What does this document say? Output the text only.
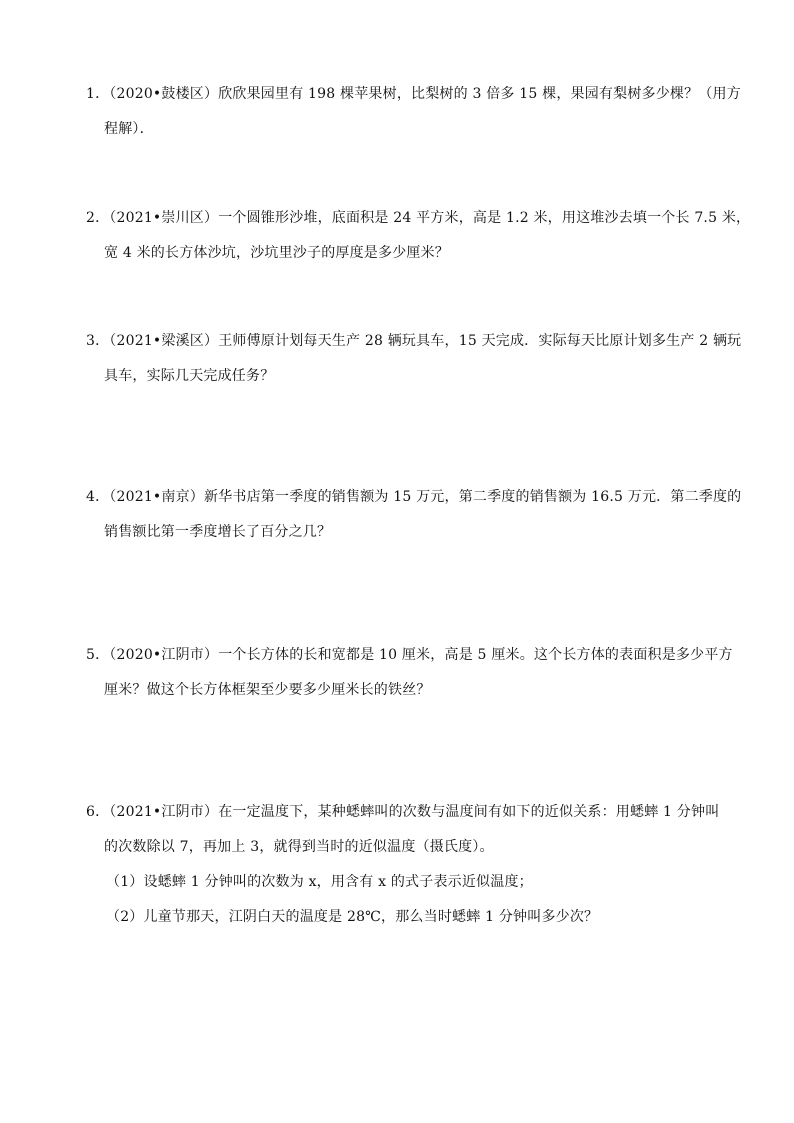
1．（2020•鼓楼区）欣欣果园里有 198 棵苹果树，比梨树的 3 倍多 15 棵，果园有梨树多少棵？（用方
程解）．
2．（2021•崇川区）一个圆锥形沙堆，底面积是 24 平方米，高是 1.2 米，用这堆沙去填一个长 7.5 米，
宽 4 米的长方体沙坑，沙坑里沙子的厚度是多少厘米？
3．（2021•梁溪区）王师傅原计划每天生产 28 辆玩具车，15 天完成．实际每天比原计划多生产 2 辆玩
具车，实际几天完成任务？
4．（2021•南京）新华书店第一季度的销售额为 15 万元，第二季度的销售额为 16.5 万元．第二季度的
销售额比第一季度增长了百分之几？
5．（2020•江阴市）一个长方体的长和宽都是 10 厘米，高是 5 厘米。这个长方体的表面积是多少平方
厘米？做这个长方体框架至少要多少厘米长的铁丝？
6．（2021•江阴市）在一定温度下，某种蟋蟀叫的次数与温度间有如下的近似关系：用蟋蟀 1 分钟叫
的次数除以 7，再加上 3，就得到当时的近似温度（摄氏度）。
（1）设蟋蟀 1 分钟叫的次数为 x，用含有 x 的式子表示近似温度；
（2）儿童节那天，江阴白天的温度是 28℃，那么当时蟋蟀 1 分钟叫多少次？
